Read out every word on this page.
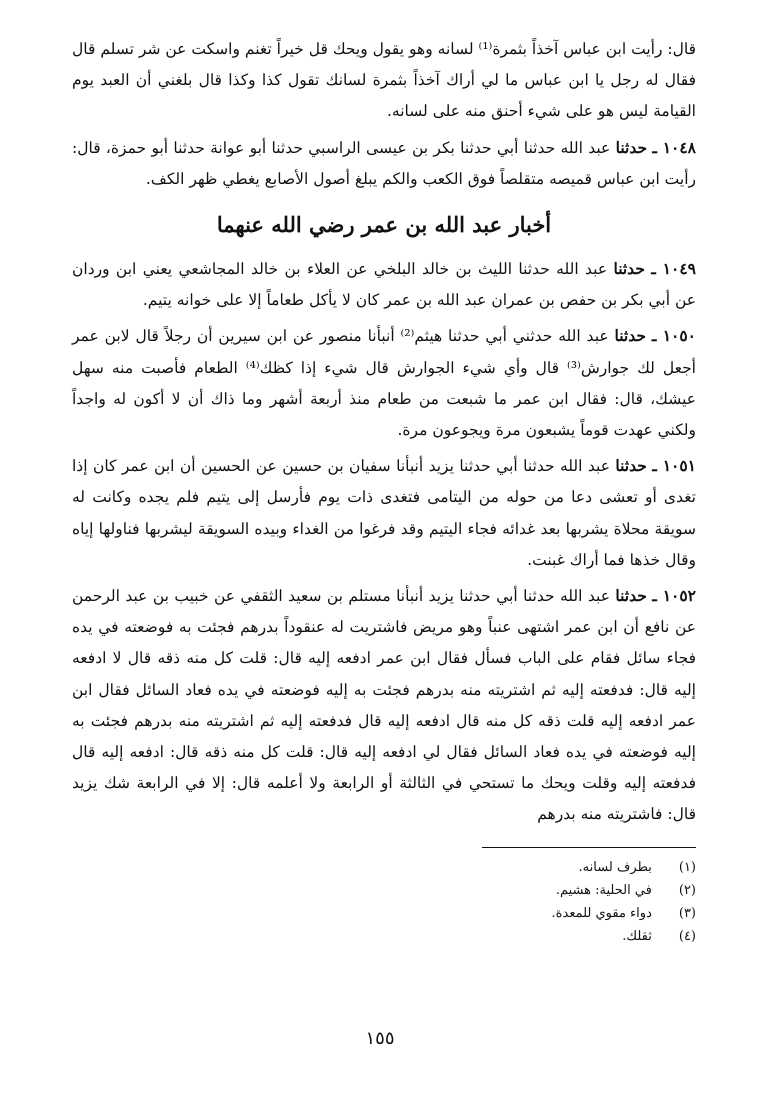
قال: رأيت ابن عباس آخذاً بثمرة⁽¹⁾ لسانه وهو يقول ويحك قل خيراً تغنم واسكت عن شر تسلم قال فقال له رجل يا ابن عباس ما لي أراك آخذاً بثمرة لسانك تقول كذا وكذا قال بلغني أن العبد يوم القيامة ليس هو على شيء أحنق منه على لسانه.

١٠٤٨ ـ حدثنا عبد الله حدثنا أبي حدثنا بكر بن عيسى الراسبي حدثنا أبو عوانة حدثنا أبو حمزة، قال: رأيت ابن عباس قميصه متقلصاً فوق الكعب والكم يبلغ أصول الأصابع يغطي ظهر الكف.

أخبار عبد الله بن عمر رضي الله عنهما

١٠٤٩ ـ حدثنا عبد الله حدثنا الليث بن خالد البلخي عن العلاء بن خالد المجاشعي يعني ابن وردان عن أبي بكر بن حفص بن عمران عبد الله بن عمر كان لا يأكل طعاماً إلا على خوانه يتيم.

١٠٥٠ ـ حدثنا عبد الله حدثني أبي حدثنا هيثم⁽²⁾ أنبأنا منصور عن ابن سيرين أن رجلاً قال لابن عمر أجعل لك جوارش⁽³⁾ قال وأي شيء الجوارش قال شيء إذا كظك⁽⁴⁾ الطعام فأصبت منه سهل عيشك، قال: فقال ابن عمر ما شبعت من طعام منذ أربعة أشهر وما ذاك أن لا أكون له واجداً ولكني عهدت قوماً يشبعون مرة ويجوعون مرة.

١٠٥١ ـ حدثنا عبد الله حدثنا أبي حدثنا يزيد أنبأنا سفيان بن حسين عن الحسين أن ابن عمر كان إذا تغدى أو تعشى دعا من حوله من اليتامى فتغدى ذات يوم فأرسل إلى يتيم فلم يجده وكانت له سويقة محلاة يشربها بعد غدائه فجاء اليتيم وقد فرغوا من الغداء وبيده السويقة ليشربها فناولها إياه وقال خذها فما أراك غبنت.

١٠٥٢ ـ حدثنا عبد الله حدثنا أبي حدثنا يزيد أنبأنا مستلم بن سعيد الثقفي عن خبيب بن عبد الرحمن عن نافع أن ابن عمر اشتهى عنباً وهو مريض فاشتريت له عنقوداً بدرهم فجئت به فوضعته في يده فجاء سائل فقام على الباب فسأل فقال ابن عمر ادفعه إليه قال: قلت كل منه ذقه قال لا ادفعه إليه قال: فدفعته إليه ثم اشتريته منه بدرهم فجئت به إليه فوضعته في يده فعاد السائل فقال ابن عمر ادفعه إليه قلت ذقه كل منه قال ادفعه إليه قال فدفعته إليه ثم اشتريته منه بدرهم فجئت به إليه فوضعته في يده فعاد السائل فقال لي ادفعه إليه قال: قلت كل منه ذقه قال: ادفعه إليه قال فدفعته إليه وقلت ويحك ما تستحي في الثالثة أو الرابعة ولا أعلمه قال: إلا في الرابعة شك يزيد قال: فاشتريته منه بدرهم

(١) بطرف لسانه.
(٢) في الحلية: هشيم.
(٣) دواء مقوي للمعدة.
(٤) ثقلك.
١٥٥
